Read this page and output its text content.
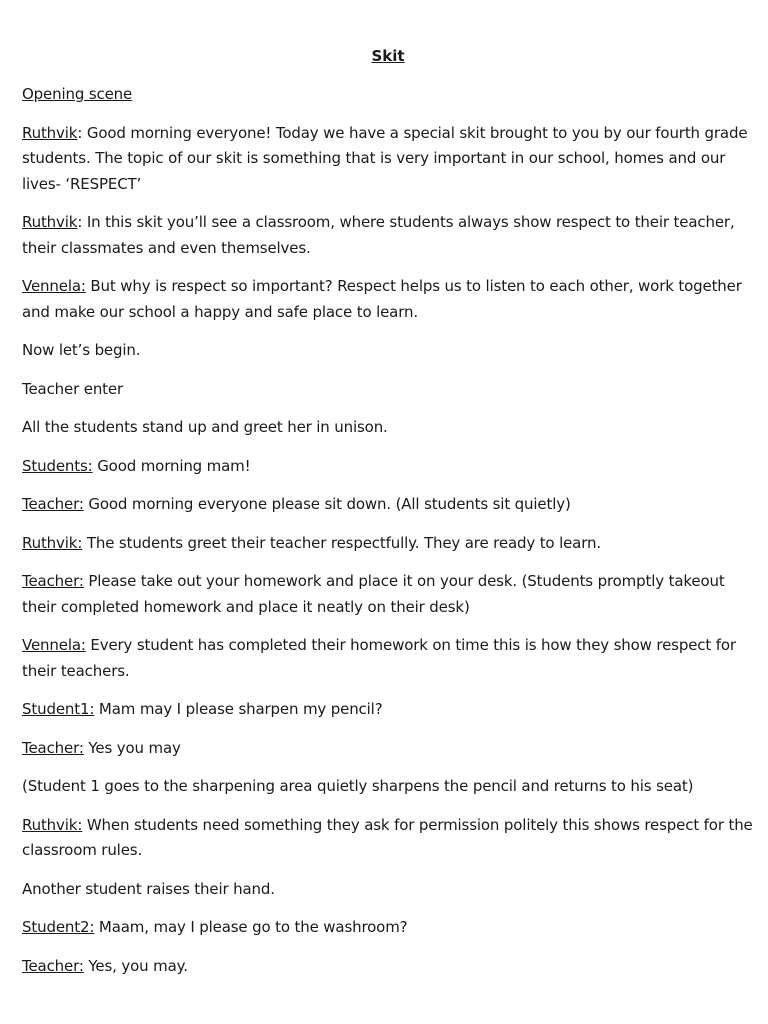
Skit

Opening scene

Ruthvik: Good morning everyone! Today we have a special skit brought to you by our fourth grade students. The topic of our skit is something that is very important in our school, homes and our lives- ‘RESPECT’

Ruthvik: In this skit you’ll see a classroom, where students always show respect to their teacher, their classmates and even themselves.

Vennela: But why is respect so important? Respect helps us to listen to each other, work together and make our school a happy and safe place to learn.

Now let’s begin.

Teacher enter

All the students stand up and greet her in unison.

Students: Good morning mam!

Teacher: Good morning everyone please sit down. (All students sit quietly)

Ruthvik: The students greet their teacher respectfully. They are ready to learn.

Teacher: Please take out your homework and place it on your desk. (Students promptly takeout their completed homework and place it neatly on their desk)

Vennela: Every student has completed their homework on time this is how they show respect for their teachers.

Student1: Mam may I please sharpen my pencil?

Teacher: Yes you may

(Student 1 goes to the sharpening area quietly sharpens the pencil and returns to his seat)

Ruthvik: When students need something they ask for permission politely this shows respect for the classroom rules.

Another student raises their hand.

Student2: Maam, may I please go to the washroom?

Teacher: Yes, you may.
